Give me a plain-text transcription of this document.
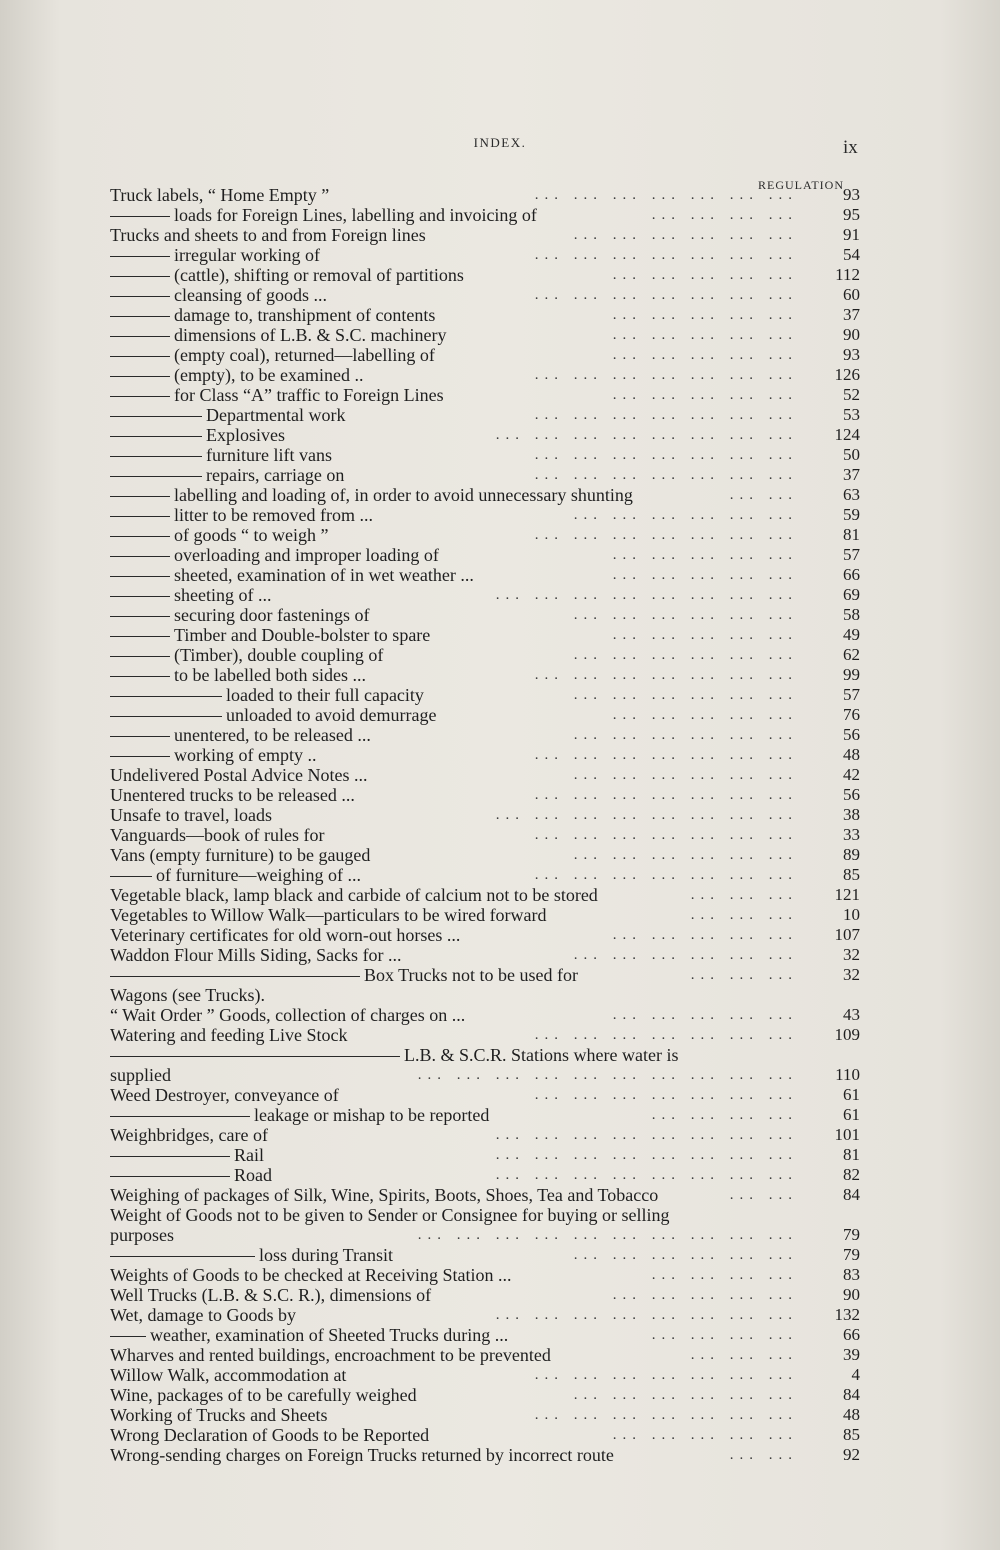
INDEX.	ix
REGULATION
Truck labels, “ Home Empty ”	93
... ... ... ... ... ... ...
loads for Foreign Lines, labelling and invoicing of	95
... ... ... ...
Trucks and sheets to and from Foreign lines	91
... ... ... ... ... ...
irregular working of	54
... ... ... ... ... ... ...
(cattle), shifting or removal of partitions	112
... ... ... ... ...
cleansing of goods ...	60
... ... ... ... ... ... ...
damage to, transhipment of contents	37
... ... ... ... ...
dimensions of L.B. & S.C. machinery	90
... ... ... ... ...
(empty coal), returned—labelling of	93
... ... ... ... ...
(empty), to be examined ..	126
... ... ... ... ... ... ...
for Class “A” traffic to Foreign Lines	52
... ... ... ... ...
Departmental work	53
... ... ... ... ... ... ...
Explosives	124
... ... ... ... ... ... ... ...
furniture lift vans	50
... ... ... ... ... ... ...
repairs, carriage on	37
... ... ... ... ... ... ...
labelling and loading of, in order to avoid unnecessary shunting	63
... ...
litter to be removed from ...	59
... ... ... ... ... ...
of goods “ to weigh ”	81
... ... ... ... ... ... ...
overloading and improper loading of	57
... ... ... ... ...
sheeted, examination of in wet weather ...	66
... ... ... ... ...
sheeting of ...	69
... ... ... ... ... ... ... ...
securing door fastenings of	58
... ... ... ... ... ...
Timber and Double-bolster to spare	49
... ... ... ... ...
(Timber), double coupling of	62
... ... ... ... ... ...
to be labelled both sides ...	99
... ... ... ... ... ... ...
loaded to their full capacity	57
... ... ... ... ... ...
unloaded to avoid demurrage	76
... ... ... ... ...
unentered, to be released ...	56
... ... ... ... ... ...
working of empty ..	48
... ... ... ... ... ... ...
Undelivered Postal Advice Notes ...	42
... ... ... ... ... ...
Unentered trucks to be released ...	56
... ... ... ... ... ... ...
Unsafe to travel, loads	38
... ... ... ... ... ... ... ...
Vanguards—book of rules for	33
... ... ... ... ... ... ...
Vans (empty furniture) to be gauged	89
... ... ... ... ... ...
of furniture—weighing of ...	85
... ... ... ... ... ... ...
Vegetable black, lamp black and carbide of calcium not to be stored	121
... ... ...
Vegetables to Willow Walk—particulars to be wired forward	10
... ... ...
Veterinary certificates for old worn-out horses ...	107
... ... ... ... ...
Waddon Flour Mills Siding, Sacks for ...	32
... ... ... ... ... ...
Box Trucks not to be used for	32
... ... ...
Wagons (see Trucks).
“ Wait Order ” Goods, collection of charges on ...	43
... ... ... ... ...
Watering and feeding Live Stock	109
... ... ... ... ... ... ...
L.B. & S.C.R. Stations where water is
supplied	110
... ... ... ... ... ... ... ... ... ...
Weed Destroyer, conveyance of	61
... ... ... ... ... ... ...
leakage or mishap to be reported	61
... ... ... ...
Weighbridges, care of	101
... ... ... ... ... ... ... ...
Rail	81
... ... ... ... ... ... ... ...
Road	82
... ... ... ... ... ... ... ...
Weighing of packages of Silk, Wine, Spirits, Boots, Shoes, Tea and Tobacco	84
... ...
Weight of Goods not to be given to Sender or Consignee for buying or selling
purposes	79
... ... ... ... ... ... ... ... ... ...
loss during Transit	79
... ... ... ... ... ...
Weights of Goods to be checked at Receiving Station ...	83
... ... ... ...
Well Trucks (L.B. & S.C. R.), dimensions of	90
... ... ... ... ...
Wet, damage to Goods by	132
... ... ... ... ... ... ... ...
weather, examination of Sheeted Trucks during ...	66
... ... ... ...
Wharves and rented buildings, encroachment to be prevented	39
... ... ...
Willow Walk, accommodation at	4
... ... ... ... ... ... ...
Wine, packages of to be carefully weighed	84
... ... ... ... ... ...
Working of Trucks and Sheets	48
... ... ... ... ... ... ...
Wrong Declaration of Goods to be Reported	85
... ... ... ... ...
Wrong-sending charges on Foreign Trucks returned by incorrect route	92
... ...
